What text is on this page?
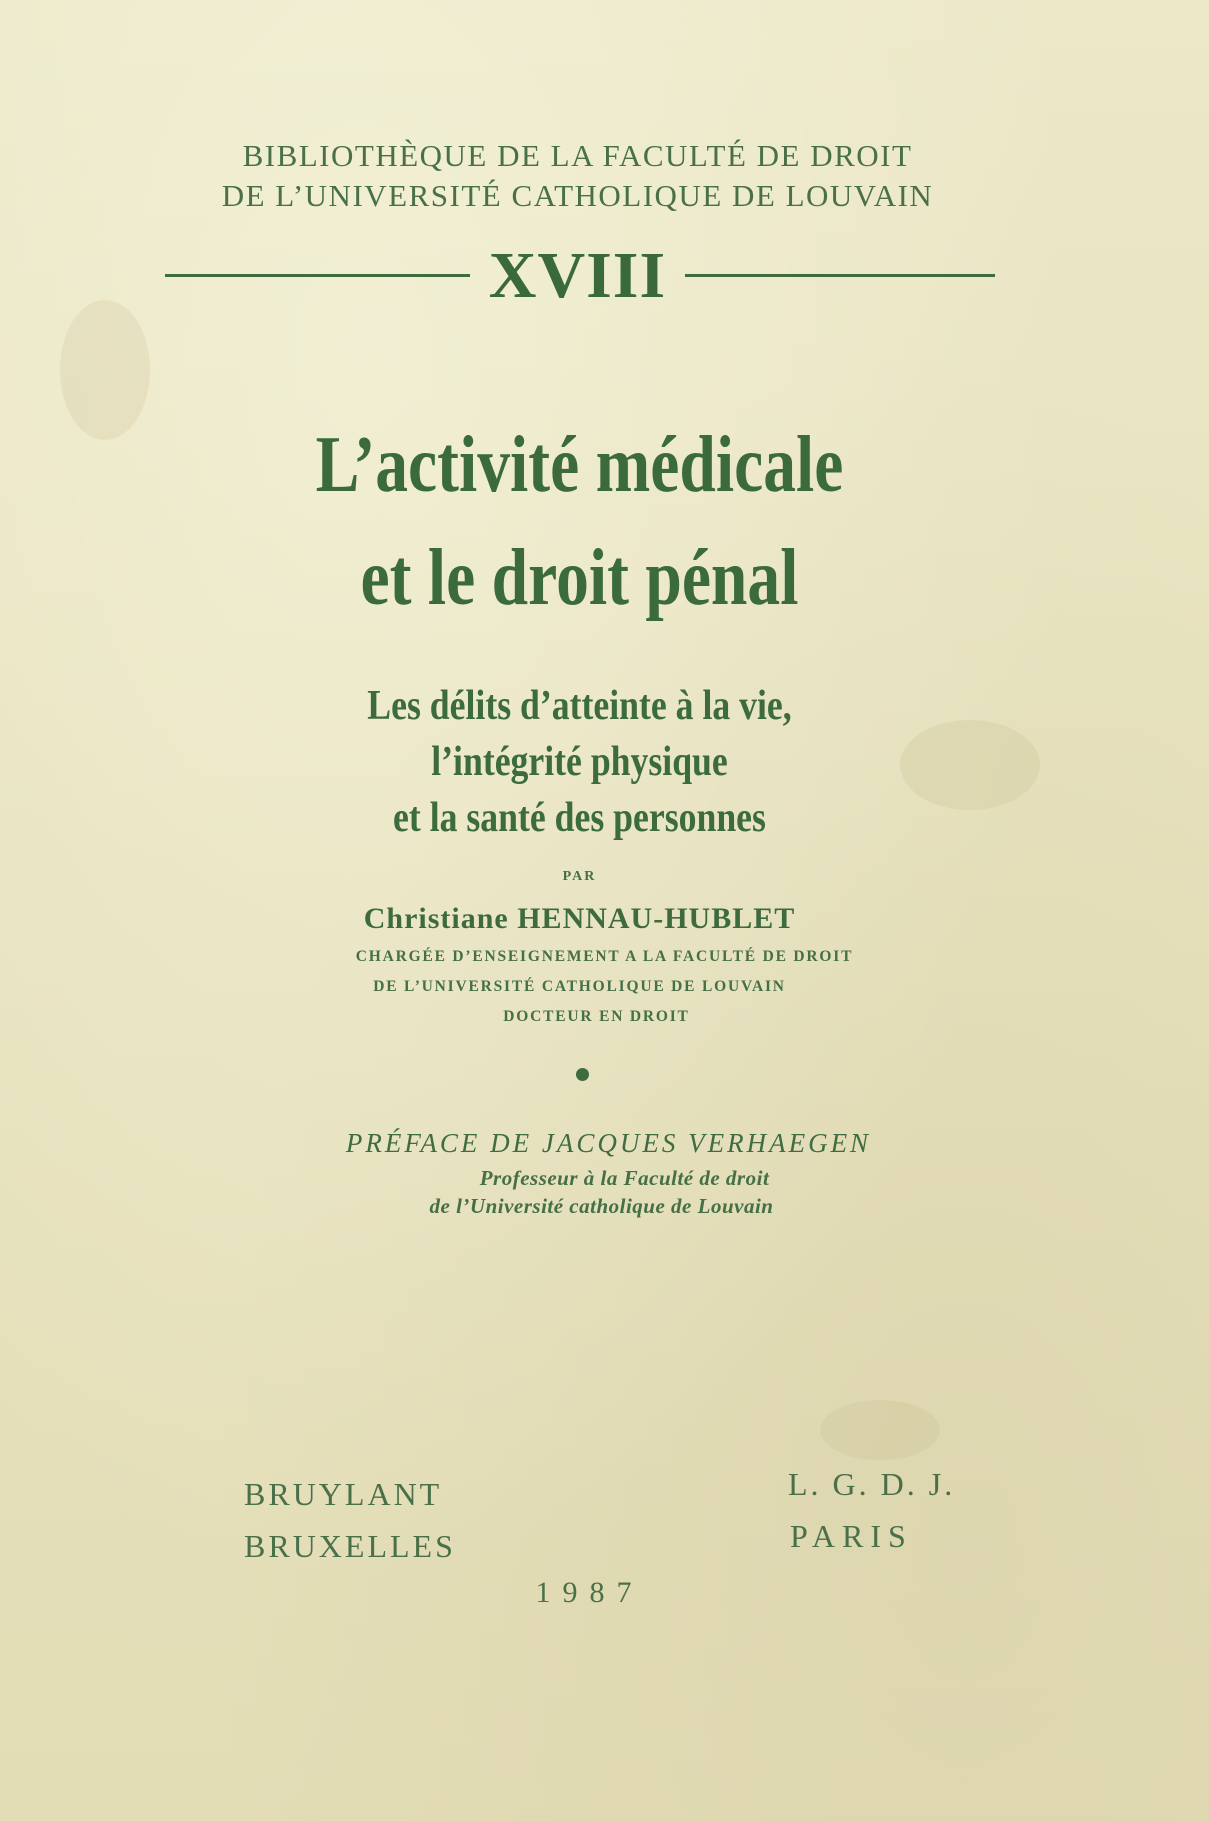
BIBLIOTHÈQUE DE LA FACULTÉ DE DROIT

DE L’UNIVERSITÉ CATHOLIQUE DE LOUVAIN

XVIII

L’activité médicale

et le droit pénal

Les délits d’atteinte à la vie,

l’intégrité physique

et la santé des personnes

PAR

Christiane HENNAU-HUBLET

CHARGÉE D’ENSEIGNEMENT A LA FACULTÉ DE DROIT

DE L’UNIVERSITÉ CATHOLIQUE DE LOUVAIN

DOCTEUR EN DROIT

PRÉFACE DE JACQUES VERHAEGEN

Professeur à la Faculté de droit

de l’Université catholique de Louvain

BRUYLANT

BRUXELLES

L. G. D. J.

PARIS

1987
